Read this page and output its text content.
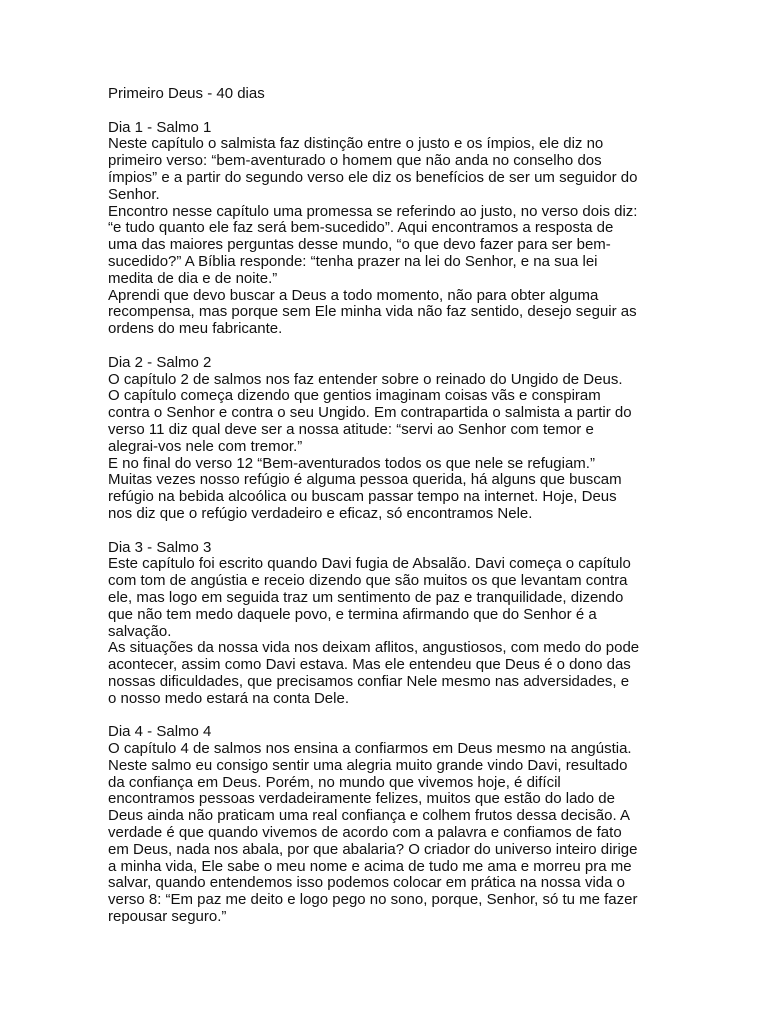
Primeiro Deus - 40 dias
Dia 1 - Salmo 1
Neste capítulo o salmista faz distinção entre o justo e os ímpios, ele diz no
primeiro verso: “bem-aventurado o homem que não anda no conselho dos
ímpios” e a partir do segundo verso ele diz os benefícios de ser um seguidor do
Senhor.
Encontro nesse capítulo uma promessa se referindo ao justo, no verso dois diz:
“e tudo quanto ele faz será bem-sucedido”. Aqui encontramos a resposta de
uma das maiores perguntas desse mundo, “o que devo fazer para ser bem-
sucedido?” A Bíblia responde: “tenha prazer na lei do Senhor, e na sua lei
medita de dia e de noite.”
Aprendi que devo buscar a Deus a todo momento, não para obter alguma
recompensa, mas porque sem Ele minha vida não faz sentido, desejo seguir as
ordens do meu fabricante.
Dia 2 - Salmo 2
O capítulo 2 de salmos nos faz entender sobre o reinado do Ungido de Deus.
O capítulo começa dizendo que gentios imaginam coisas vãs e conspiram
contra o Senhor e contra o seu Ungido. Em contrapartida o salmista a partir do
verso 11 diz qual deve ser a nossa atitude: “servi ao Senhor com temor e
alegrai-vos nele com tremor.”
E no final do verso 12 “Bem-aventurados todos os que nele se refugiam.”
Muitas vezes nosso refúgio é alguma pessoa querida, há alguns que buscam
refúgio na bebida alcoólica ou buscam passar tempo na internet. Hoje, Deus
nos diz que o refúgio verdadeiro e eficaz, só encontramos Nele.
Dia 3 - Salmo 3
Este capítulo foi escrito quando Davi fugia de Absalão. Davi começa o capítulo
com tom de angústia e receio dizendo que são muitos os que levantam contra
ele, mas logo em seguida traz um sentimento de paz e tranquilidade, dizendo
que não tem medo daquele povo, e termina afirmando que do Senhor é a
salvação.
As situações da nossa vida nos deixam aflitos, angustiosos, com medo do pode
acontecer, assim como Davi estava. Mas ele entendeu que Deus é o dono das
nossas dificuldades, que precisamos confiar Nele mesmo nas adversidades, e
o nosso medo estará na conta Dele.
Dia 4 - Salmo 4
O capítulo 4 de salmos nos ensina a confiarmos em Deus mesmo na angústia.
Neste salmo eu consigo sentir uma alegria muito grande vindo Davi, resultado
da confiança em Deus. Porém, no mundo que vivemos hoje, é difícil
encontramos pessoas verdadeiramente felizes, muitos que estão do lado de
Deus ainda não praticam uma real confiança e colhem frutos dessa decisão. A
verdade é que quando vivemos de acordo com a palavra e confiamos de fato
em Deus, nada nos abala, por que abalaria? O criador do universo inteiro dirige
a minha vida, Ele sabe o meu nome e acima de tudo me ama e morreu pra me
salvar, quando entendemos isso podemos colocar em prática na nossa vida o
verso 8: “Em paz me deito e logo pego no sono, porque, Senhor, só tu me fazer
repousar seguro.”
